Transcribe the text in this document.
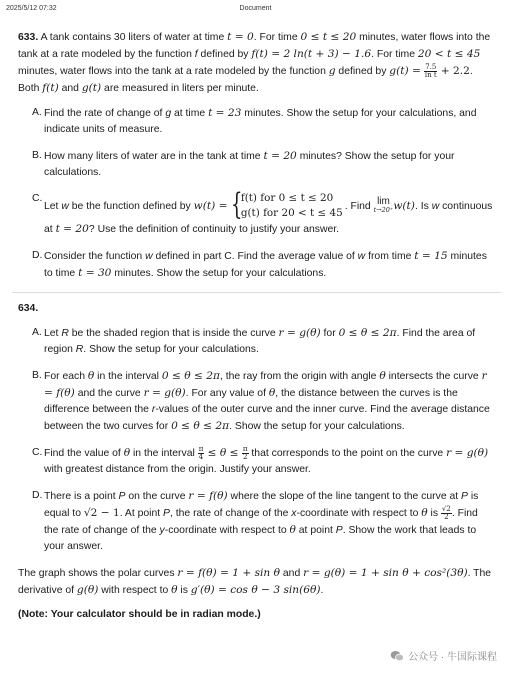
2025/5/12 07:32	Document

633. A tank contains 30 liters of water at time t = 0. For time 0 ≤ t ≤ 20 minutes, water flows into the tank at a rate modeled by the function f defined by f(t) = 2 ln(t + 3) − 1.6. For time 20 < t ≤ 45 minutes, water flows into the tank at a rate modeled by the function g defined by $g(t) = \frac{7.5}{\text{ln t}} + 2.2$. Both f(t) and g(t) are measured in liters per minute.

A. Find the rate of change of g at time t = 23 minutes. Show the setup for your calculations, and indicate units of measure.
B. How many liters of water are in the tank at time t = 20 minutes? Show the setup for your calculations.
C.
Let w be the function defined by w(t) = {
f(t) for 0 ≤ t ≤ 20
g(t) for 20 < t ≤ 45
. Find lim
t→20⁺ w(t). Is w continuous at t = 20? Use the definition of continuity to justify your answer.
D. Consider the function w defined in part C. Find the average value of w from time t = 15 minutes to time t = 30 minutes. Show the setup for your calculations.

634.

A. Let R be the shaded region that is inside the curve r = g(θ) for 0 ≤ θ ≤ 2π. Find the area of region R. Show the setup for your calculations.
B. For each θ in the interval 0 ≤ θ ≤ 2π, the ray from the origin with angle θ intersects the curve r = f(θ) and the curve r = g(θ). For any value of θ, the distance between the curves is the difference between the r-values of the outer curve and the inner curve. Find the average distance between the two curves for 0 ≤ θ ≤ 2π. Show the setup for your calculations.
C. Find the value of θ in the interval $\frac{\pi}{4} \le \theta \le \frac{\pi}{2}$ that corresponds to the point on the curve r = g(θ) with greatest distance from the origin. Justify your answer.
D. There is a point P on the curve r = f(θ) where the slope of the line tangent to the curve at P is equal to √2 − 1. At point P, the rate of change of the x-coordinate with respect to θ is $\frac{√2}{2}$ . Find the rate of change of the y-coordinate with respect to θ at point P. Show the work that leads to your answer.

The graph shows the polar curves r = f(θ) = 1 + sin θ and r = g(θ) = 1 + sin θ + cos²(3θ). The derivative of g(θ) with respect to θ is g′(θ) = cos θ − 3 sin(6θ).

(Note: Your calculator should be in radian mode.)

公众号 · 牛国际课程
